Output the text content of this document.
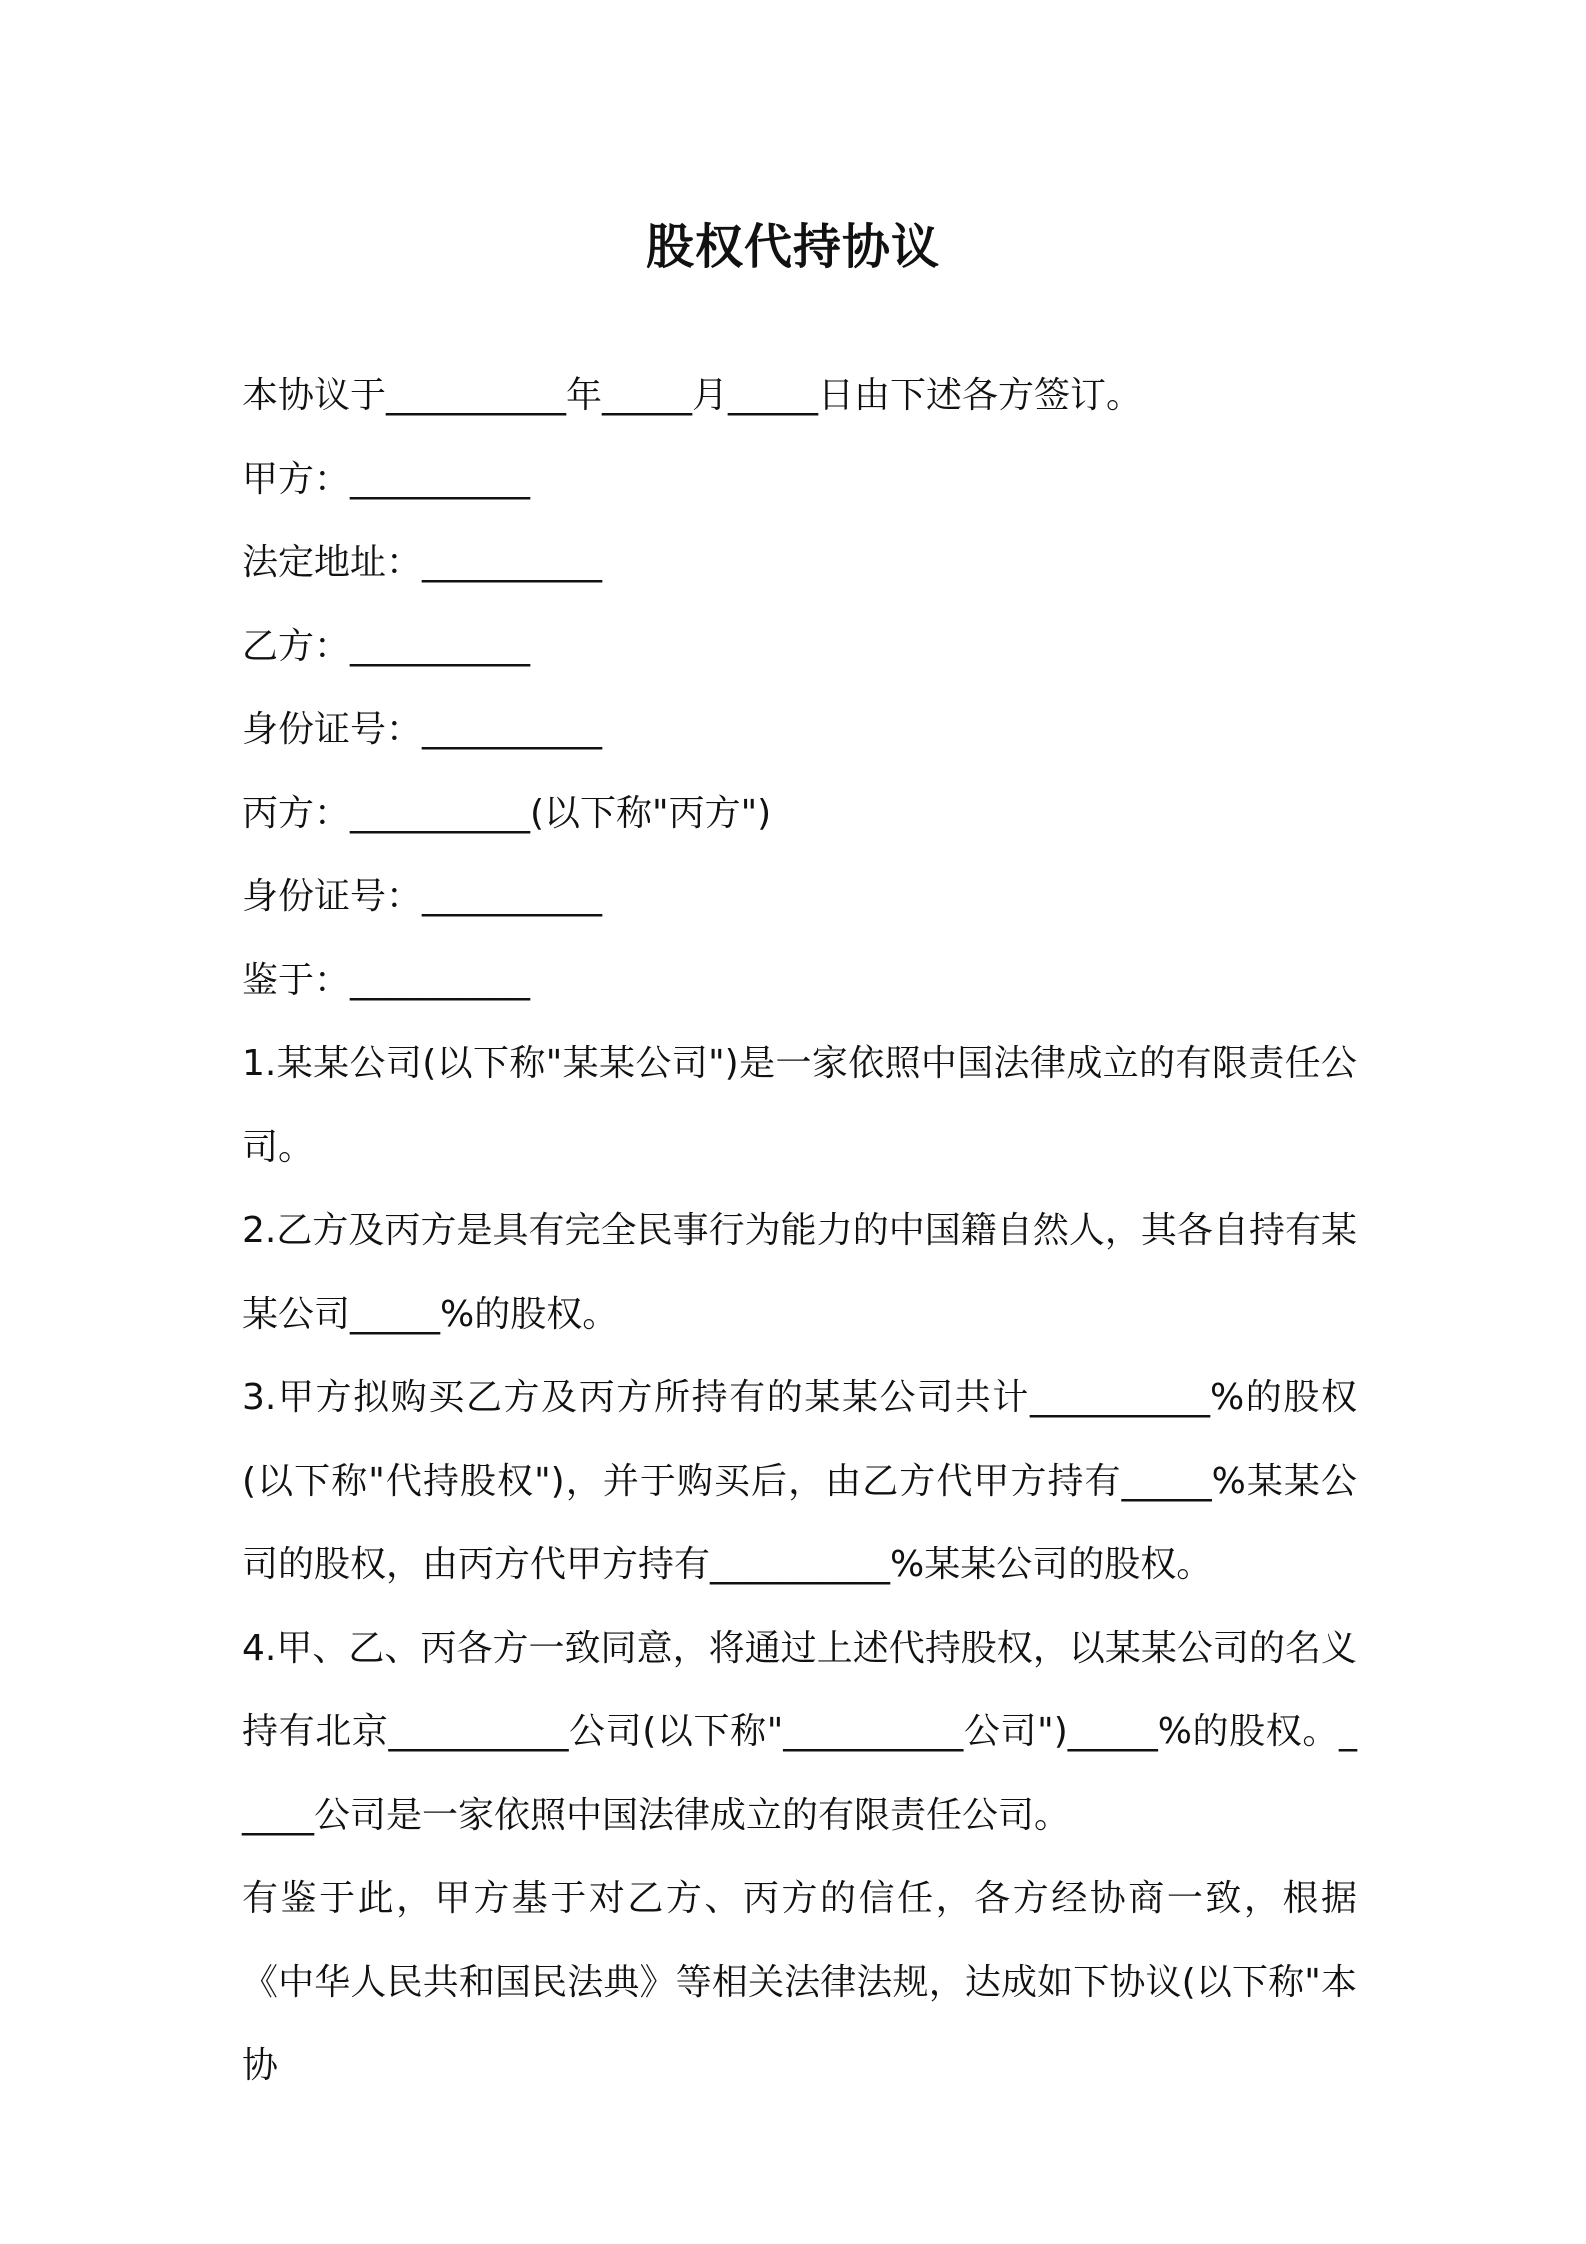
股权代持协议

本协议于__________年_____月_____日由下述各方签订。

甲方：__________

法定地址：__________

乙方：__________

身份证号：__________

丙方：__________(以下称"丙方")

身份证号：__________

鉴于：__________

1.某某公司(以下称"某某公司")是一家依照中国法律成立的有限责任公司。

2.乙方及丙方是具有完全民事行为能力的中国籍自然人，其各自持有某某公司_____%的股权。

3.甲方拟购买乙方及丙方所持有的某某公司共计__________%的股权(以下称"代持股权")，并于购买后，由乙方代甲方持有_____%某某公司的股权，由丙方代甲方持有__________%某某公司的股权。

4.甲、乙、丙各方一致同意，将通过上述代持股权，以某某公司的名义持有北京__________公司(以下称"__________公司")_____%的股权。_____公司是一家依照中国法律成立的有限责任公司。

有鉴于此，甲方基于对乙方、丙方的信任，各方经协商一致，根据《中华人民共和国民法典》等相关法律法规，达成如下协议(以下称"本协
